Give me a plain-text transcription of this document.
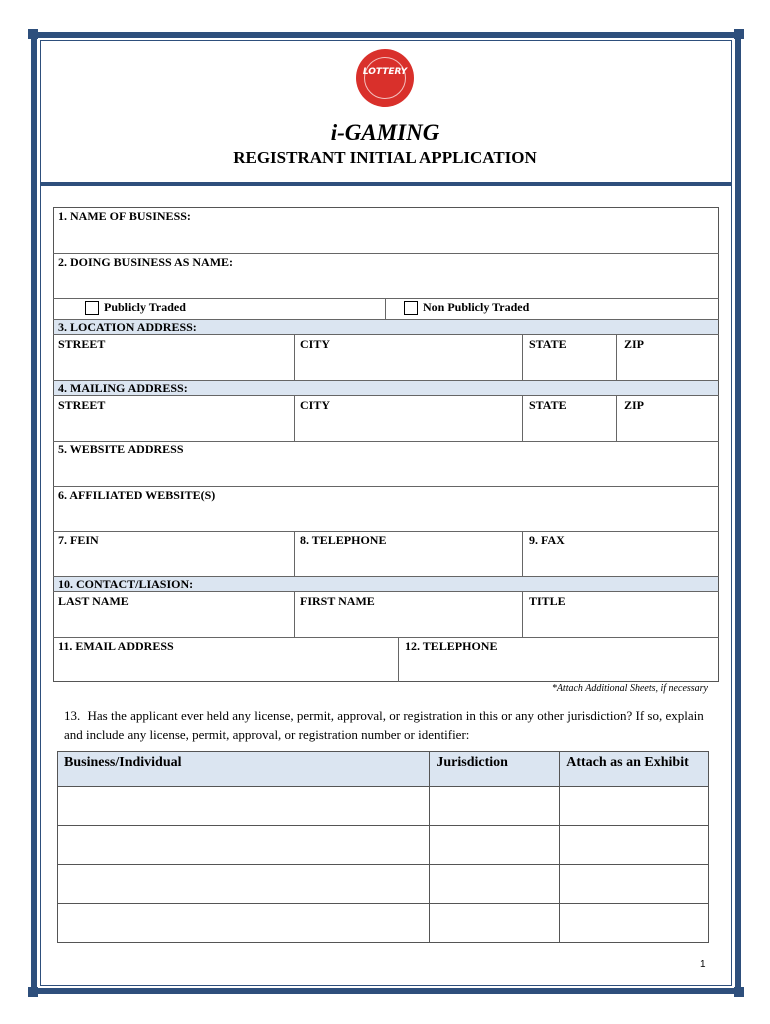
LOTTERY
i-GAMING
REGISTRANT INITIAL APPLICATION
1. NAME OF BUSINESS:
2. DOING BUSINESS AS NAME:
Publicly Traded	Non Publicly Traded
3. LOCATION ADDRESS:
STREET	CITY	STATE	ZIP
4. MAILING ADDRESS:
STREET	CITY	STATE	ZIP
5. WEBSITE ADDRESS
6. AFFILIATED WEBSITE(S)
7. FEIN	8. TELEPHONE	9. FAX
10. CONTACT/LIASION:
LAST NAME	FIRST NAME	TITLE
11. EMAIL ADDRESS	12. TELEPHONE
*Attach Additional Sheets, if necessary
13. Has the applicant ever held any license, permit, approval, or registration in this or any other jurisdiction? If so, explain and include any license, permit, approval, or registration number or identifier:
Business/Individual	Jurisdiction	Attach as an Exhibit

1
